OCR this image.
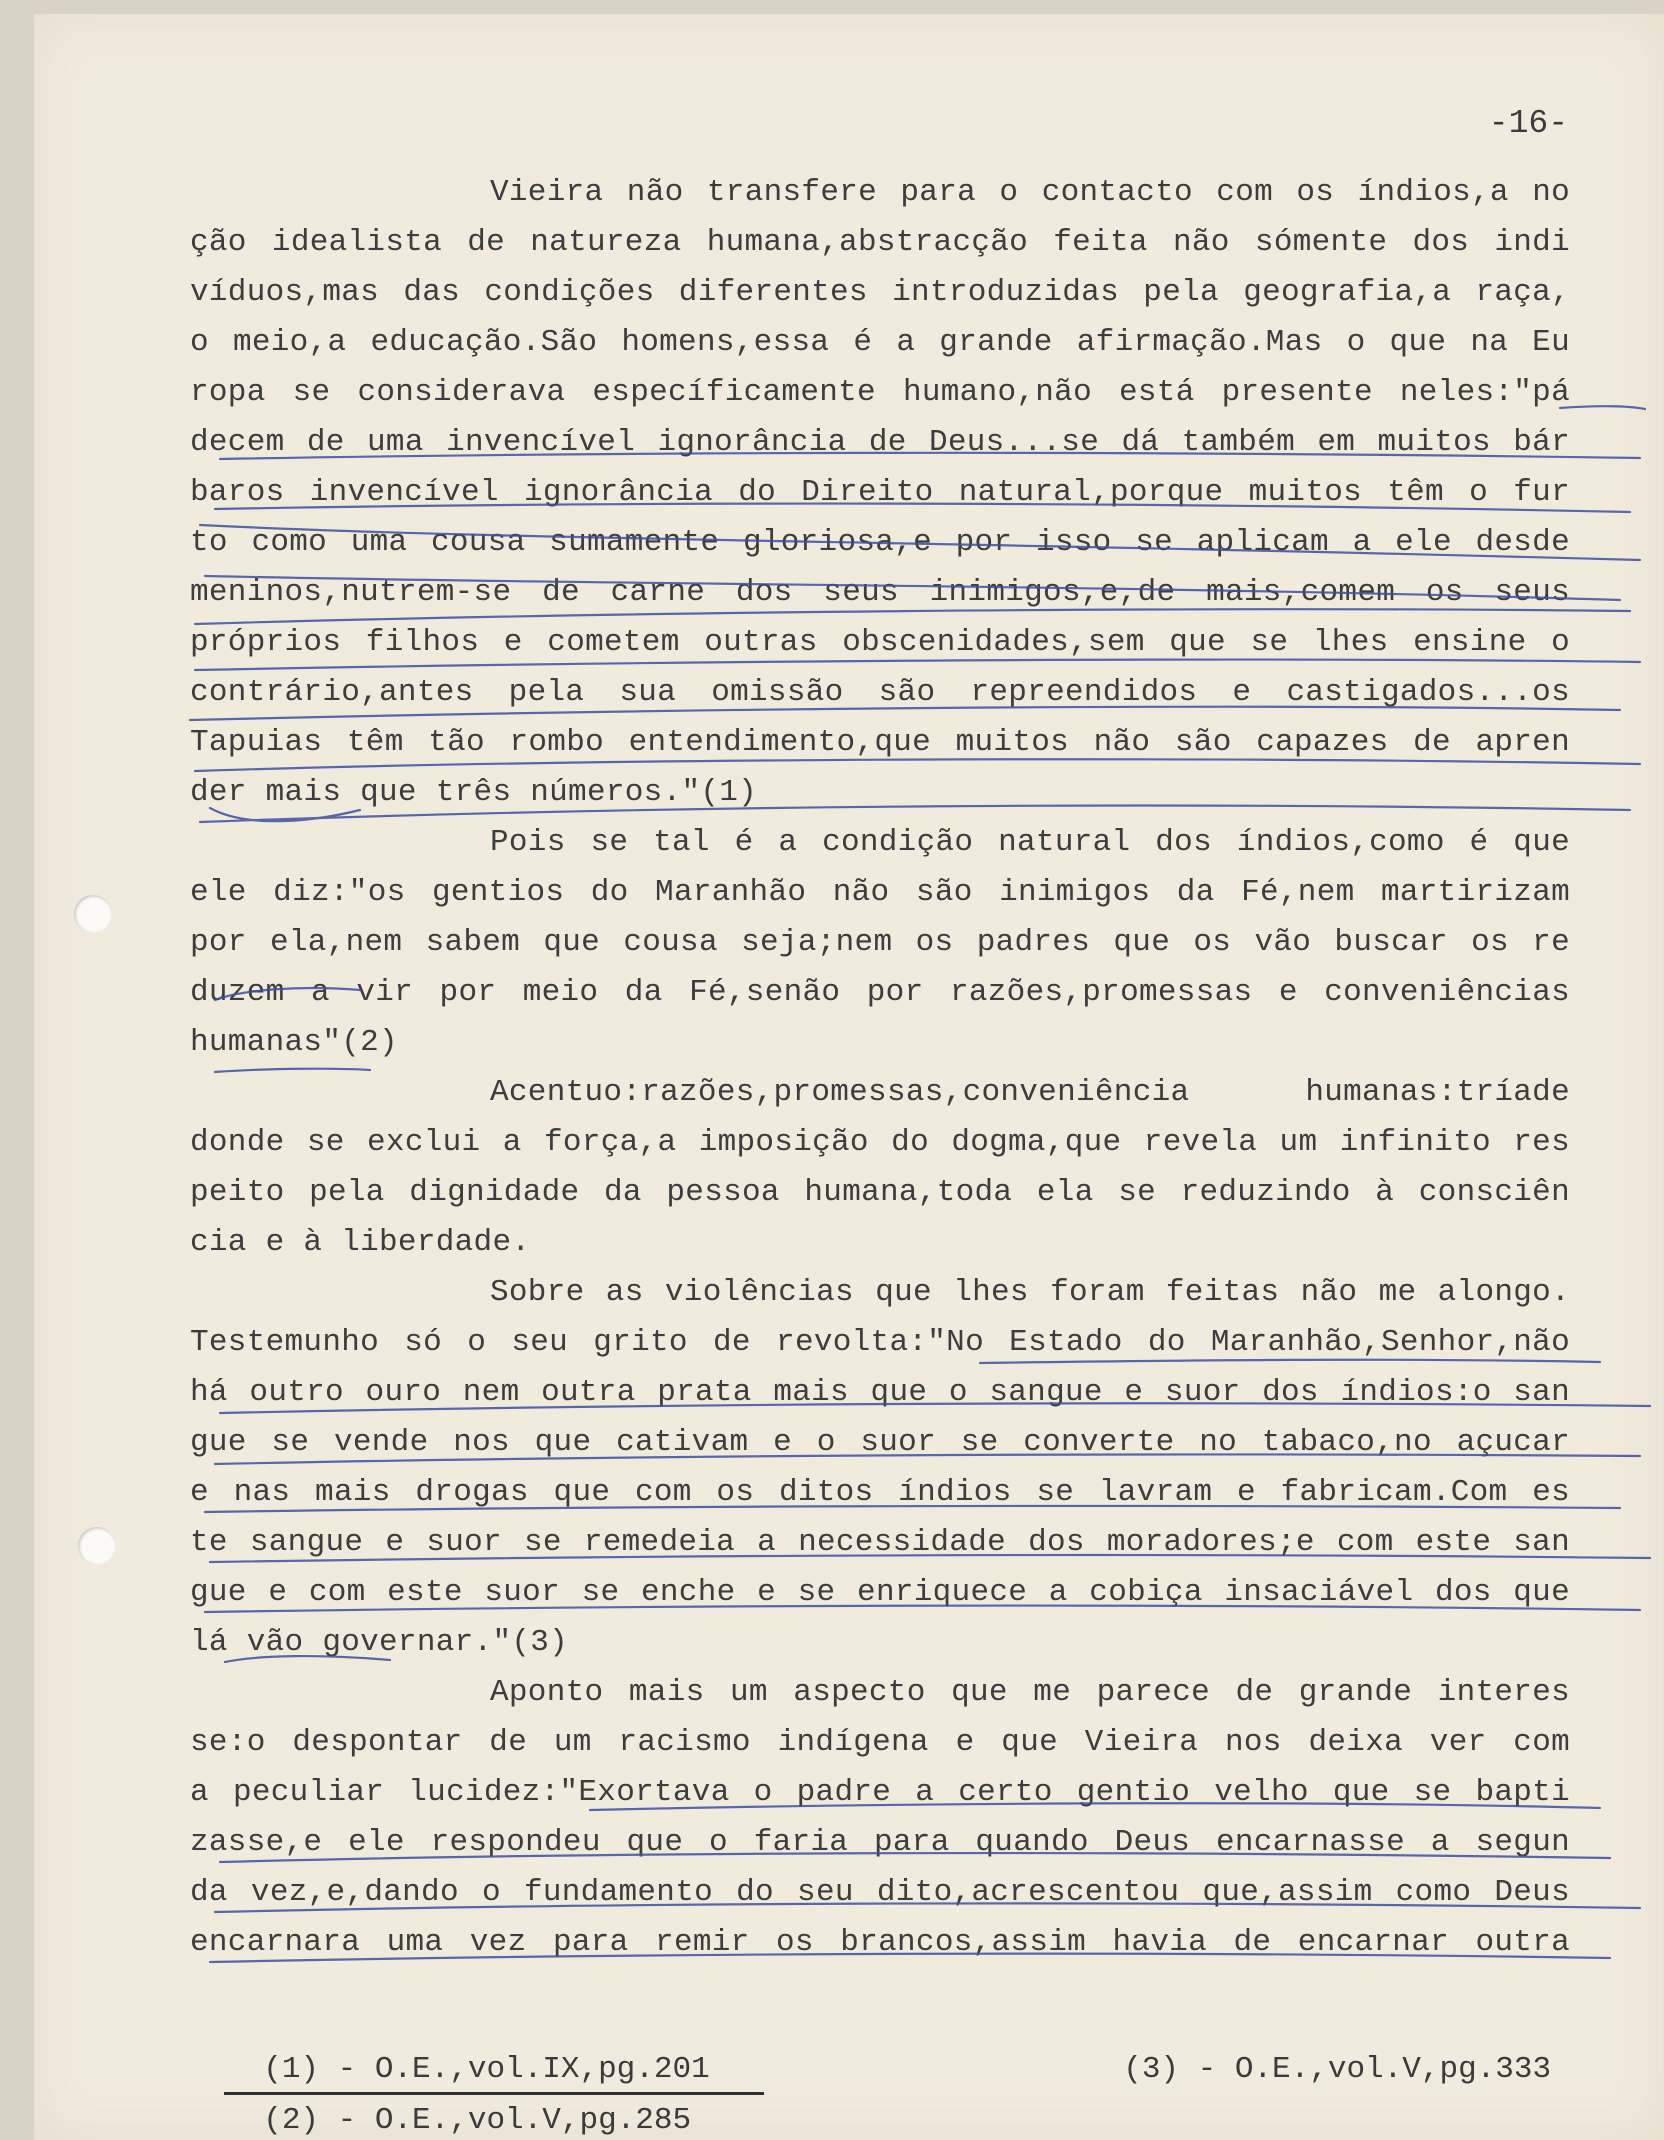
-16-
Vieira não transfere para o contacto com os índios,a no
ção idealista de natureza humana,abstracção feita não sómente dos indi
víduos,mas das condições diferentes introduzidas pela geografia,a raça,
o meio,a educação.São homens,essa é a grande afirmação.Mas o que na Eu
ropa se considerava específicamente humano,não está presente neles:"pá
decem de uma invencível ignorância de Deus...se dá também em muitos bár
baros invencível ignorância do Direito natural,porque muitos têm o fur
to como uma cousa sumamente gloriosa,e por isso se aplicam a ele desde
meninos,nutrem-se de carne dos seus inimigos,e,de mais,comem os seus
próprios filhos e cometem outras obscenidades,sem que se lhes ensine o
contrário,antes pela sua omissão são repreendidos e castigados...os
Tapuias têm tão rombo entendimento,que muitos não são capazes de apren
der mais que três números."(1)
Pois se tal é a condição natural dos índios,como é que
ele diz:"os gentios do Maranhão não são inimigos da Fé,nem martirizam
por ela,nem sabem que cousa seja;nem os padres que os vão buscar os re
duzem a vir por meio da Fé,senão por razões,promessas e conveniências
humanas"(2)
Acentuo:razões,promessas,conveniência humanas:tríade
donde se exclui a força,a imposição do dogma,que revela um infinito res
peito pela dignidade da pessoa humana,toda ela se reduzindo à consciên
cia e à liberdade.
Sobre as violências que lhes foram feitas não me alongo.
Testemunho só o seu grito de revolta:"No Estado do Maranhão,Senhor,não
há outro ouro nem outra prata mais que o sangue e suor dos índios:o san
gue se vende nos que cativam e o suor se converte no tabaco,no açucar
e nas mais drogas que com os ditos índios se lavram e fabricam.Com es
te sangue e suor se remedeia a necessidade dos moradores;e com este san
gue e com este suor se enche e se enriquece a cobiça insaciável dos que
lá vão governar."(3)
Aponto mais um aspecto que me parece de grande interes
se:o despontar de um racismo indígena e que Vieira nos deixa ver com
a peculiar lucidez:"Exortava o padre a certo gentio velho que se bapti
zasse,e ele respondeu que o faria para quando Deus encarnasse a segun
da vez,e,dando o fundamento do seu dito,acrescentou que,assim como Deus
encarnara uma vez para remir os brancos,assim havia de encarnar outra

(1) - O.E.,vol.IX,pg.201

(2) - O.E.,vol.V,pg.285

(3) - O.E.,vol.V,pg.333
